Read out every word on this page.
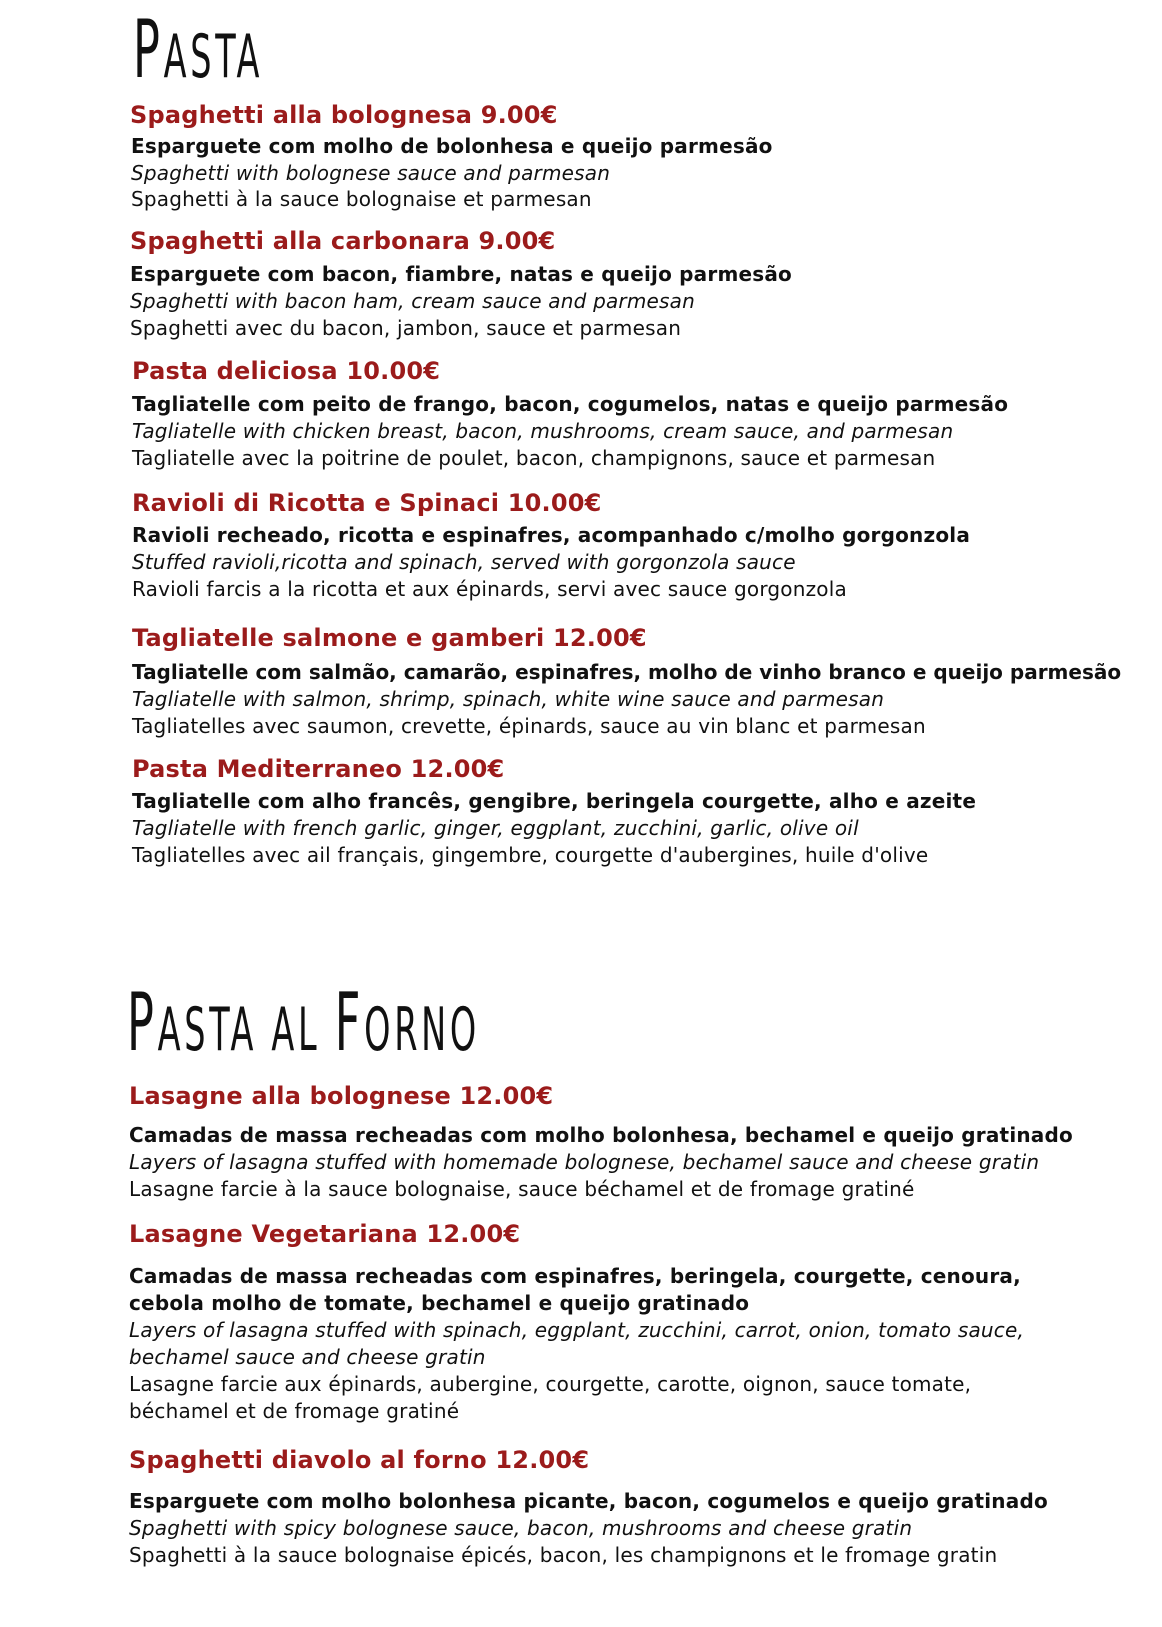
PASTA
Spaghetti alla bolognesa 9.00€
Esparguete com molho de bolonhesa e queijo parmesão
Spaghetti with bolognese sauce and parmesan
Spaghetti à la sauce bolognaise et parmesan
Spaghetti alla carbonara 9.00€
Esparguete com bacon, fiambre, natas e queijo parmesão
Spaghetti with bacon ham, cream sauce and parmesan
Spaghetti avec du bacon, jambon, sauce et parmesan
Pasta deliciosa 10.00€
Tagliatelle com peito de frango, bacon, cogumelos, natas e queijo parmesão
Tagliatelle with chicken breast, bacon, mushrooms, cream sauce, and parmesan
Tagliatelle avec la poitrine de poulet, bacon, champignons, sauce et parmesan
Ravioli di Ricotta e Spinaci 10.00€
Ravioli recheado, ricotta e espinafres, acompanhado c/molho gorgonzola
Stuffed ravioli,ricotta and spinach, served with gorgonzola sauce
Ravioli farcis a la ricotta et aux épinards, servi avec sauce gorgonzola
Tagliatelle salmone e gamberi 12.00€
Tagliatelle com salmão, camarão, espinafres, molho de vinho branco e queijo parmesão
Tagliatelle with salmon, shrimp, spinach, white wine sauce and parmesan
Tagliatelles avec saumon, crevette, épinards, sauce au vin blanc et parmesan
Pasta Mediterraneo 12.00€
Tagliatelle com alho francês, gengibre, beringela courgette, alho e azeite
Tagliatelle with french garlic, ginger, eggplant, zucchini, garlic, olive oil
Tagliatelles avec ail français, gingembre, courgette d'aubergines, huile d'olive
PASTA AL FORNO
Lasagne alla bolognese 12.00€
Camadas de massa recheadas com molho bolonhesa, bechamel e queijo gratinado
Layers of lasagna stuffed with homemade bolognese, bechamel sauce and cheese gratin
Lasagne farcie à la sauce bolognaise, sauce béchamel et de fromage gratiné
Lasagne Vegetariana 12.00€
Camadas de massa recheadas com espinafres, beringela, courgette, cenoura, cebola molho de tomate, bechamel e queijo gratinado
Layers of lasagna stuffed with spinach, eggplant, zucchini, carrot, onion, tomato sauce, bechamel sauce and cheese gratin
Lasagne farcie aux épinards, aubergine, courgette, carotte, oignon, sauce tomate, béchamel et de fromage gratiné
Spaghetti diavolo al forno 12.00€
Esparguete com molho bolonhesa picante, bacon, cogumelos e queijo gratinado
Spaghetti with spicy bolognese sauce, bacon, mushrooms and cheese gratin
Spaghetti à la sauce bolognaise épicés, bacon, les champignons et le fromage gratin
